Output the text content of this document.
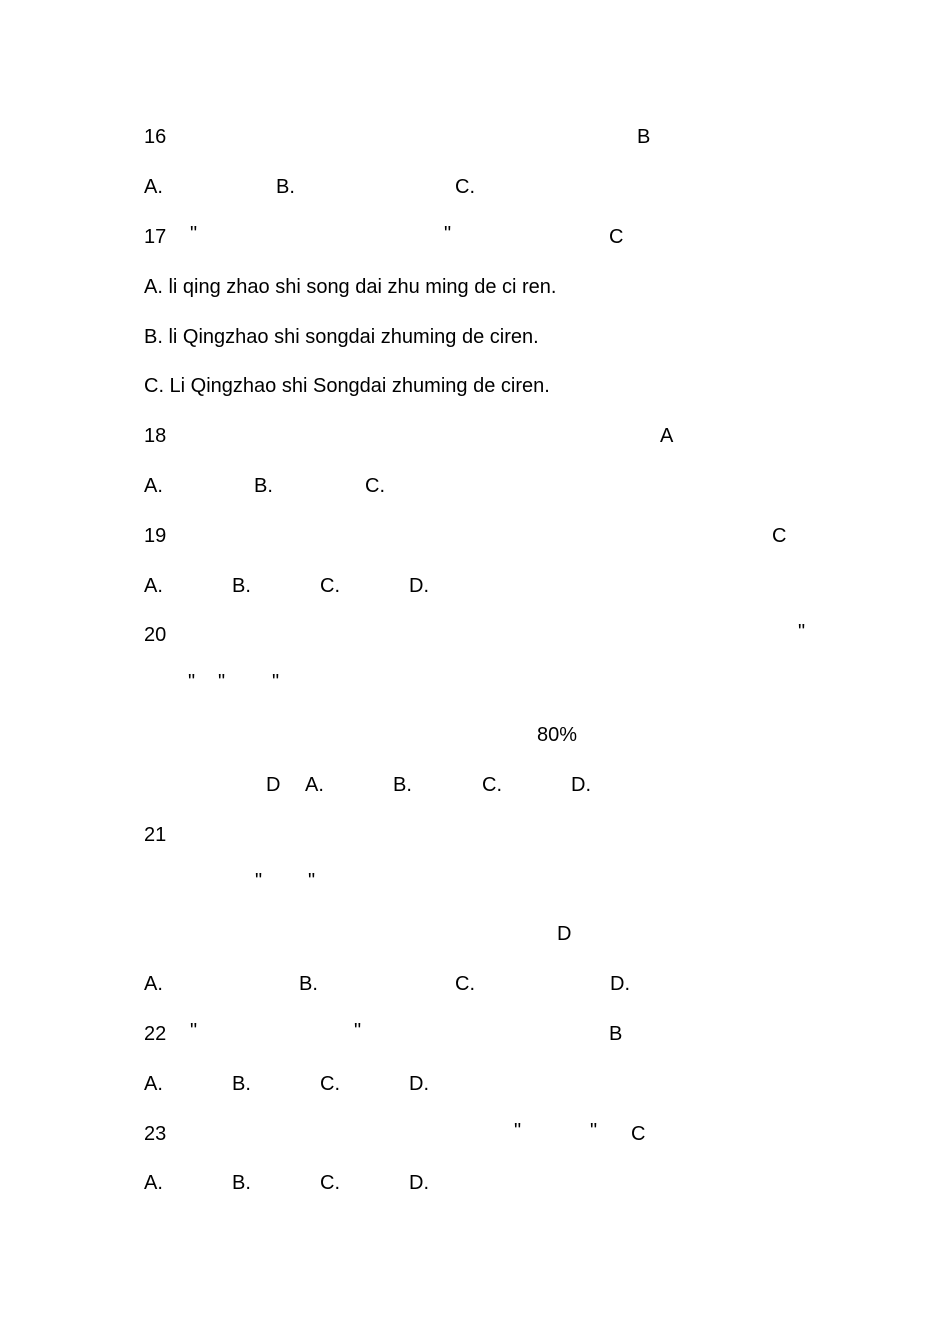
16	B
A.	B.	C.
17 "	"	C
A. li qing zhao shi song dai zhu ming de ci ren.
B. li Qingzhao shi songdai zhuming de ciren.
C. Li Qingzhao shi Songdai zhuming de ciren.
18	A
A.	B.	C.
19	C
A.	B.	C.	D.
20	"
" " "
80%
D A.	B.	C.	D.
21
" "
D
A.	B.	C.	D.
22 "	"	B
A.	B.	C.	D.
23	"	" C
A.	B.	C.	D.
